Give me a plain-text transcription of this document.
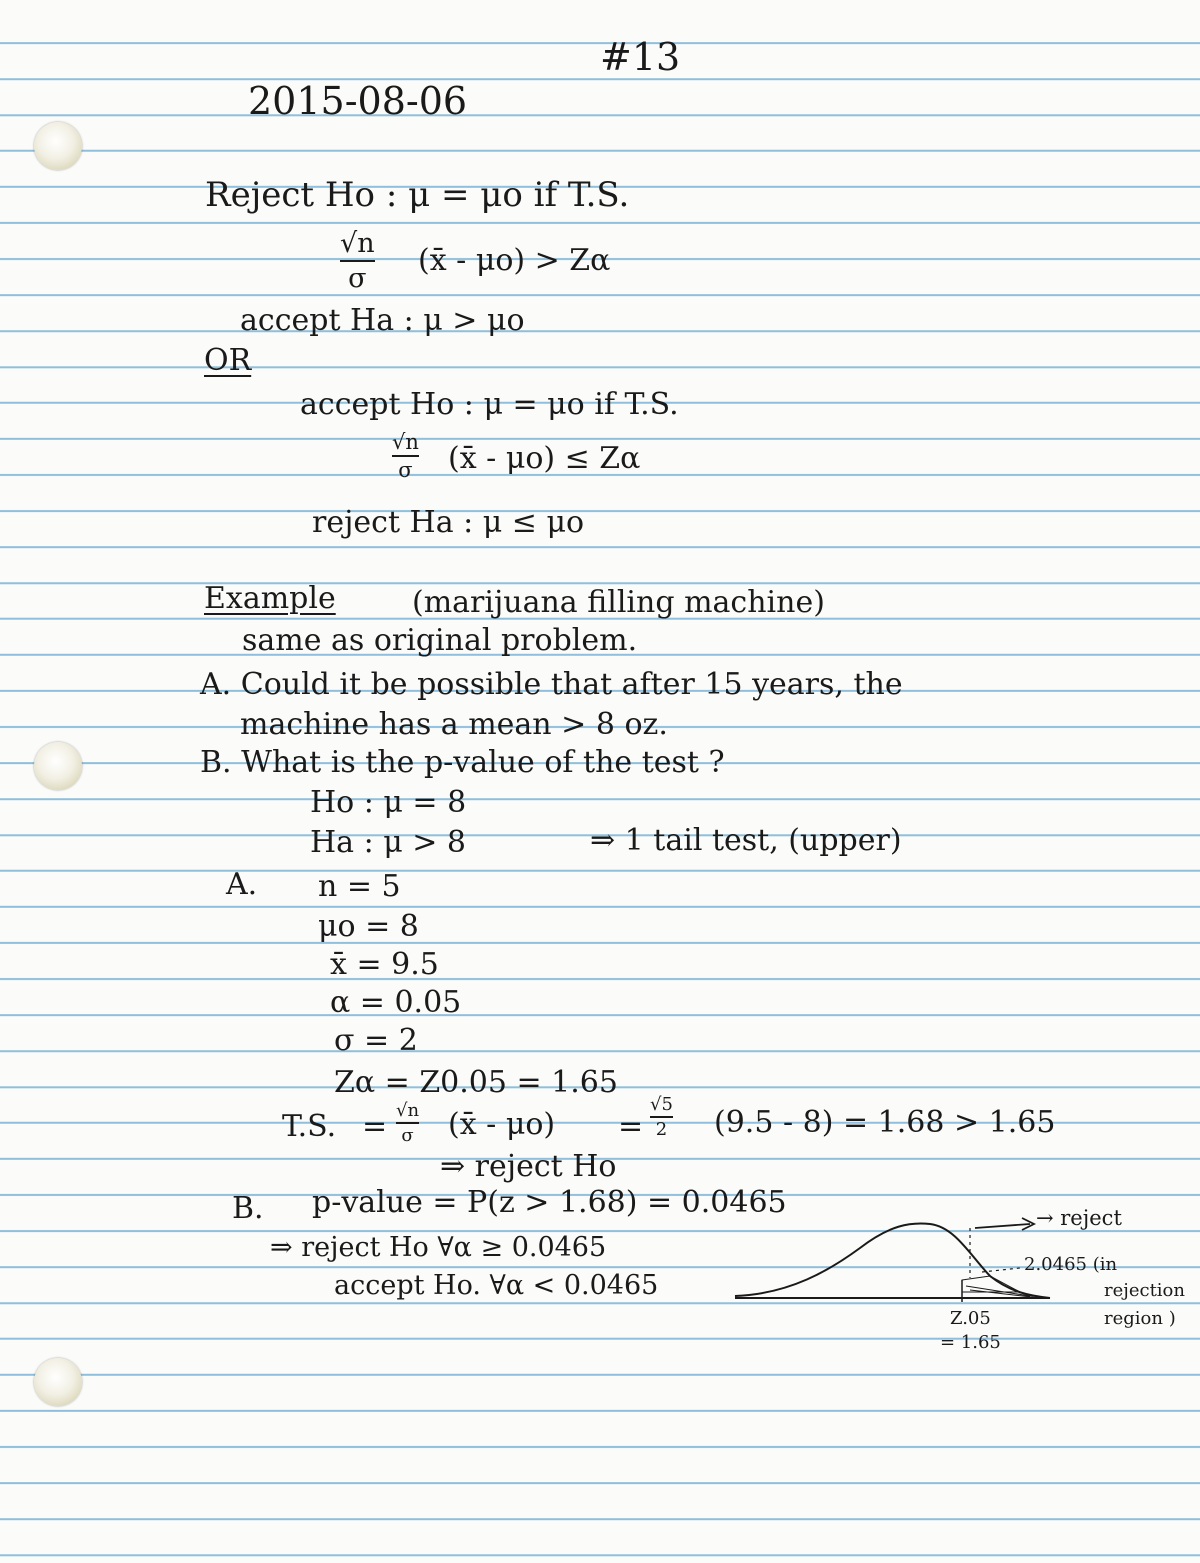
#13
2015-08-06
Reject Ho : μ = μo if T.S.
√n
σ
(x̄ - μo) > Zα
accept Ha : μ > μo
OR
accept Ho : μ = μo if T.S.
√n
σ (x̄ - μo) ≤ Zα
reject Ha : μ ≤ μo
Example	(marijuana filling machine)
same as original problem.
A. Could it be possible that after 15 years, the
machine has a mean > 8 oz.
B. What is the p-value of the test ?
Ho : μ = 8
Ha : μ > 8	⇒ 1 tail test, (upper)
A. n = 5
μo = 8
x̄ = 9.5
α = 0.05
σ = 2
Zα = Z0.05 = 1.65
T.S. = √n
σ (x̄ - μo) =
√5
2 (9.5 - 8) = 1.68 > 1.65
⇒ reject Ho
B. p-value = P(z > 1.68) = 0.0465
⇒ reject Ho ∀α ≥ 0.0465
accept Ho. ∀α < 0.0465
→ reject
2.0465 (in
rejection
region )
Z.05
= 1.65
